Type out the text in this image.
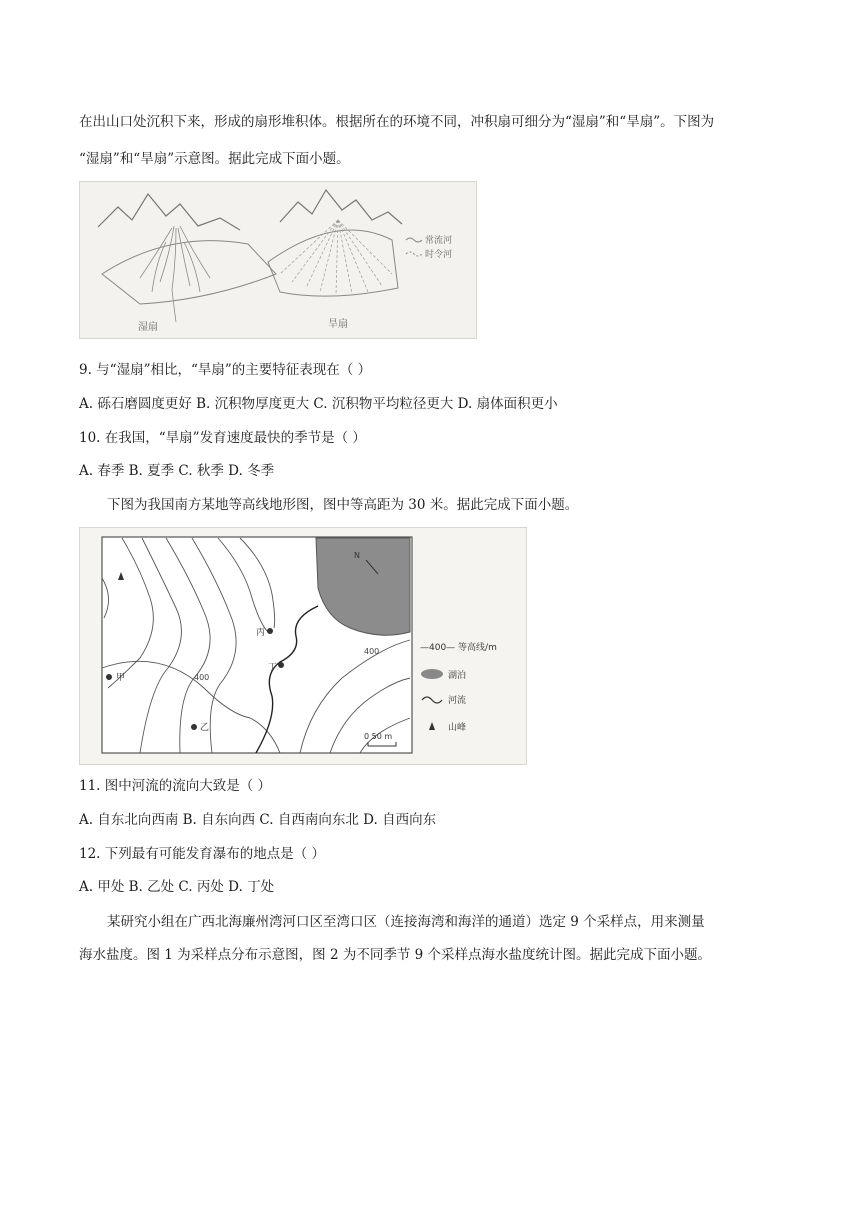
在出山口处沉积下来，形成的扇形堆积体。根据所在的环境不同，冲积扇可细分为“湿扇”和“旱扇”。下图为
“湿扇”和“旱扇”示意图。据此完成下面小题。
常流河
时令河
湿扇	旱扇
9. 与“湿扇”相比，“旱扇”的主要特征表现在（ ）
A. 砾石磨圆度更好 B. 沉积物厚度更大 C. 沉积物平均粒径更大 D. 扇体面积更小
10. 在我国，“旱扇”发育速度最快的季节是（ ）
A. 春季 B. 夏季 C. 秋季 D. 冬季
下图为我国南方某地等高线地形图，图中等高距为 30 米。据此完成下面小题。
N
400
400
甲
乙
丙
丁
0 50 m
—400— 等高线/m
湖泊
河流
山峰
11. 图中河流的流向大致是（ ）
A. 自东北向西南 B. 自东向西 C. 自西南向东北 D. 自西向东
12. 下列最有可能发育瀑布的地点是（ ）
A. 甲处 B. 乙处 C. 丙处 D. 丁处
某研究小组在广西北海廉州湾河口区至湾口区（连接海湾和海洋的通道）选定 9 个采样点，用来测量
海水盐度。图 1 为采样点分布示意图，图 2 为不同季节 9 个采样点海水盐度统计图。据此完成下面小题。
